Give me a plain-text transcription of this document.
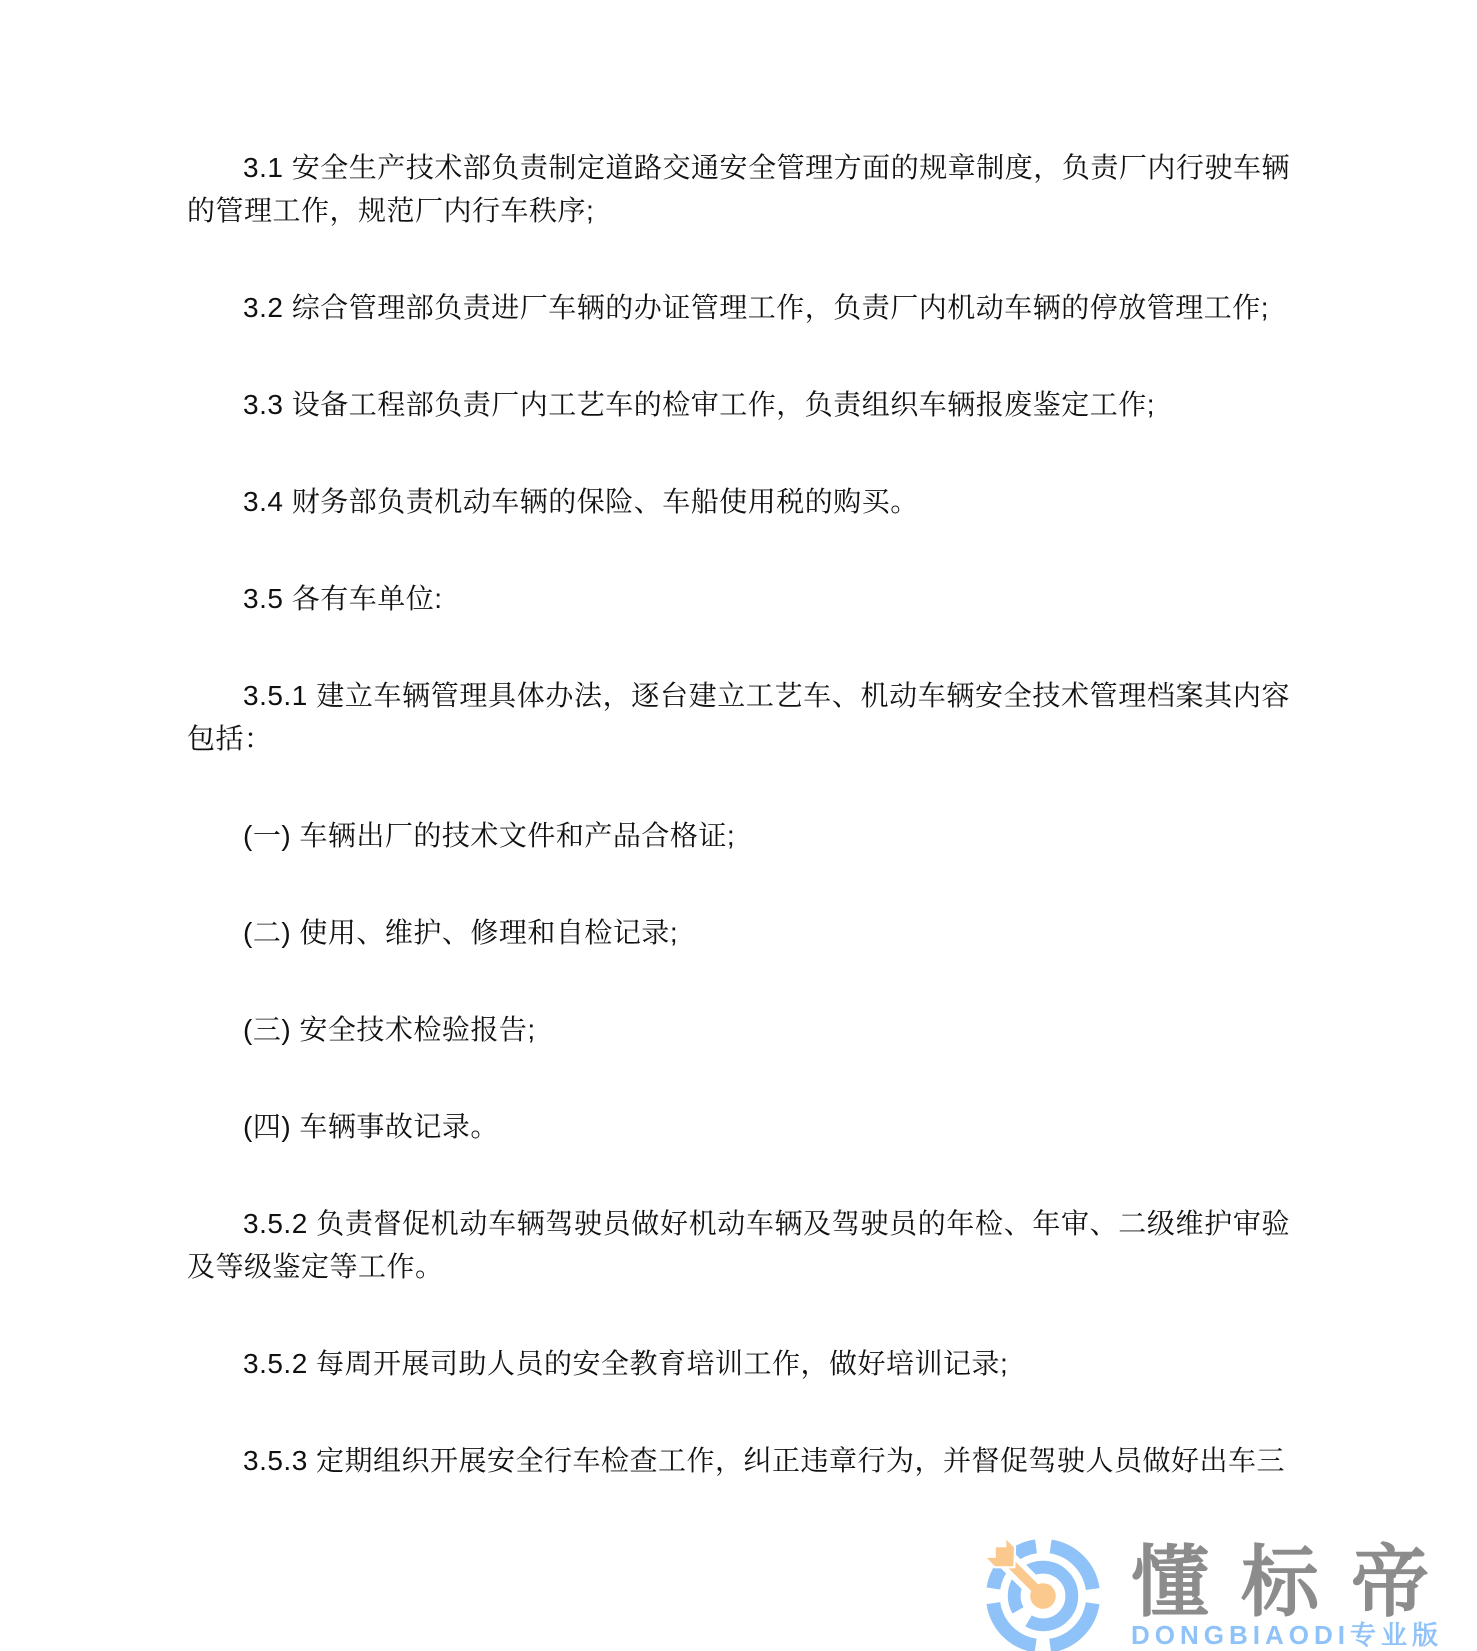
3.1 安全生产技术部负责制定道路交通安全管理方面的规章制度，负责厂内行驶车辆的管理工作，规范厂内行车秩序;

3.2 综合管理部负责进厂车辆的办证管理工作，负责厂内机动车辆的停放管理工作;

3.3 设备工程部负责厂内工艺车的检审工作，负责组织车辆报废鉴定工作;

3.4 财务部负责机动车辆的保险、车船使用税的购买。

3.5 各有车单位:

3.5.1 建立车辆管理具体办法，逐台建立工艺车、机动车辆安全技术管理档案其内容包括：

(一) 车辆出厂的技术文件和产品合格证;

(二) 使用、维护、修理和自检记录;

(三) 安全技术检验报告;

(四) 车辆事故记录。

3.5.2 负责督促机动车辆驾驶员做好机动车辆及驾驶员的年检、年审、二级维护审验及等级鉴定等工作。

3.5.2 每周开展司助人员的安全教育培训工作，做好培训记录;

3.5.3 定期组织开展安全行车检查工作，纠正违章行为，并督促驾驶人员做好出车三

懂标帝
DONGBIAODI专业版
